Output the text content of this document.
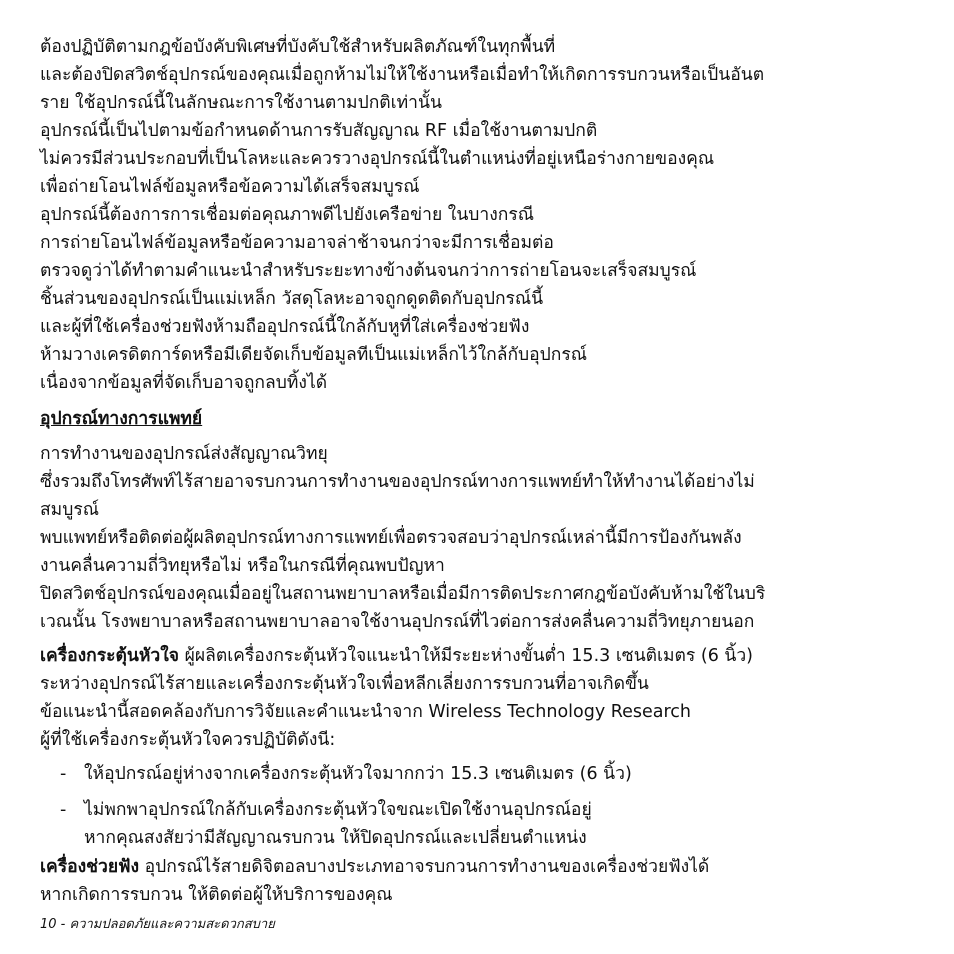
ต้องปฏิบัติตามกฎข้อบังคับพิเศษที่บังคับใช้สำหรับผลิตภัณฑ์ในทุกพื้นที่

และต้องปิดสวิตช์อุปกรณ์ของคุณเมื่อถูกห้ามไม่ให้ใช้งานหรือเมื่อทำให้เกิดการรบกวนหรือเป็นอันต

ราย ใช้อุปกรณ์นี้ในลักษณะการใช้งานตามปกติเท่านั้น

อุปกรณ์นี้เป็นไปตามข้อกำหนดด้านการรับสัญญาณ RF เมื่อใช้งานตามปกติ

ไม่ควรมีส่วนประกอบที่เป็นโลหะและควรวางอุปกรณ์นี้ในตำแหน่งที่อยู่เหนือร่างกายของคุณ

เพื่อถ่ายโอนไฟล์ข้อมูลหรือข้อความได้เสร็จสมบูรณ์

อุปกรณ์นี้ต้องการการเชื่อมต่อคุณภาพดีไปยังเครือข่าย ในบางกรณี

การถ่ายโอนไฟล์ข้อมูลหรือข้อความอาจล่าช้าจนกว่าจะมีการเชื่อมต่อ

ตรวจดูว่าได้ทำตามคำแนะนำสำหรับระยะทางข้างต้นจนกว่าการถ่ายโอนจะเสร็จสมบูรณ์

ชิ้นส่วนของอุปกรณ์เป็นแม่เหล็ก วัสดุโลหะอาจถูกดูดติดกับอุปกรณ์นี้

และผู้ที่ใช้เครื่องช่วยฟังห้ามถืออุปกรณ์นี้ใกล้กับหูที่ใส่เครื่องช่วยฟัง

ห้ามวางเครดิตการ์ดหรือมีเดียจัดเก็บข้อมูลทีเป็นแม่เหล็กไว้ใกล้กับอุปกรณ์

เนื่องจากข้อมูลที่จัดเก็บอาจถูกลบทิ้งได้

อุปกรณ์ทางการแพทย์

การทำงานของอุปกรณ์ส่งสัญญาณวิทยุ

ซึ่งรวมถึงโทรศัพท์ไร้สายอาจรบกวนการทำงานของอุปกรณ์ทางการแพทย์ทำให้ทำงานได้อย่างไม่

สมบูรณ์

พบแพทย์หรือติดต่อผู้ผลิตอุปกรณ์ทางการแพทย์เพื่อตรวจสอบว่าอุปกรณ์เหล่านี้มีการป้องกันพลัง

งานคลื่นความถี่วิทยุหรือไม่ หรือในกรณีที่คุณพบปัญหา

ปิดสวิตช์อุปกรณ์ของคุณเมื่ออยู่ในสถานพยาบาลหรือเมื่อมีการติดประกาศกฎข้อบังคับห้ามใช้ในบริ

เวณนั้น โรงพยาบาลหรือสถานพยาบาลอาจใช้งานอุปกรณ์ที่ไวต่อการส่งคลื่นความถี่วิทยุภายนอก

เครื่องกระตุ้นหัวใจ ผู้ผลิตเครื่องกระตุ้นหัวใจแนะนำให้มีระยะห่างขั้นต่ำ 15.3 เซนติเมตร (6 นิ้ว)

ระหว่างอุปกรณ์ไร้สายและเครื่องกระตุ้นหัวใจเพื่อหลีกเลี่ยงการรบกวนที่อาจเกิดขึ้น

ข้อแนะนำนี้สอดคล้องกับการวิจัยและคำแนะนำจาก Wireless Technology Research

ผู้ที่ใช้เครื่องกระตุ้นหัวใจควรปฏิบัติดังนี:

- ให้อุปกรณ์อยู่ห่างจากเครื่องกระตุ้นหัวใจมากกว่า 15.3 เซนติเมตร (6 นิ้ว)
- ไม่พกพาอุปกรณ์ใกล้กับเครื่องกระตุ้นหัวใจขณะเปิดใช้งานอุปกรณ์อยู่
หากคุณสงสัยว่ามีสัญญาณรบกวน ให้ปิดอุปกรณ์และเปลี่ยนตำแหน่ง

เครื่องช่วยฟัง อุปกรณ์ไร้สายดิจิตอลบางประเภทอาจรบกวนการทำงานของเครื่องช่วยฟังได้

หากเกิดการรบกวน ให้ติดต่อผู้ให้บริการของคุณ

10 - ความปลอดภัยและความสะดวกสบาย
